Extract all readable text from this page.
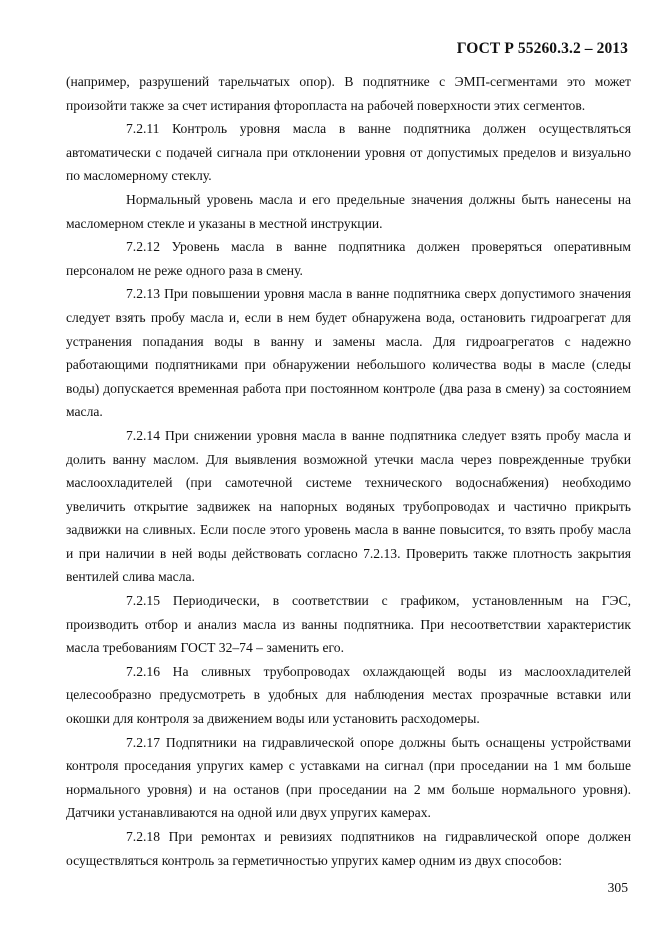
ГОСТ Р 55260.3.2 – 2013

(например, разрушений тарельчатых опор). В подпятнике с ЭМП-сегментами это может произойти также за счет истирания фторопласта на рабочей поверхности этих сегментов.

7.2.11 Контроль уровня масла в ванне подпятника должен осуществляться автоматически с подачей сигнала при отклонении уровня от допустимых пределов и визуально по масломерному стеклу.

Нормальный уровень масла и его предельные значения должны быть нанесены на масломерном стекле и указаны в местной инструкции.

7.2.12 Уровень масла в ванне подпятника должен проверяться оперативным персоналом не реже одного раза в смену.

7.2.13 При повышении уровня масла в ванне подпятника сверх допустимого значения следует взять пробу масла и, если в нем будет обнаружена вода, остановить гидроагрегат для устранения попадания воды в ванну и замены масла. Для гидроагрегатов с надежно работающими подпятниками при обнаружении небольшого количества воды в масле (следы воды) допускается временная работа при постоянном контроле (два раза в смену) за состоянием масла.

7.2.14 При снижении уровня масла в ванне подпятника следует взять пробу масла и долить ванну маслом. Для выявления возможной утечки масла через поврежденные трубки маслоохладителей (при самотечной системе технического водоснабжения) необходимо увеличить открытие задвижек на напорных водяных трубопроводах и частично прикрыть задвижки на сливных. Если после этого уровень масла в ванне повысится, то взять пробу масла и при наличии в ней воды действовать согласно 7.2.13. Проверить также плотность закрытия вентилей слива масла.

7.2.15 Периодически, в соответствии с графиком, установленным на ГЭС, производить отбор и анализ масла из ванны подпятника. При несоответствии характеристик масла требованиям ГОСТ 32–74 – заменить его.

7.2.16 На сливных трубопроводах охлаждающей воды из маслоохладителей целесообразно предусмотреть в удобных для наблюдения местах прозрачные вставки или окошки для контроля за движением воды или установить расходомеры.

7.2.17 Подпятники на гидравлической опоре должны быть оснащены устройствами контроля проседания упругих камер с уставками на сигнал (при проседании на 1 мм больше нормального уровня) и на останов (при проседании на 2 мм больше нормального уровня). Датчики устанавливаются на одной или двух упругих камерах.

7.2.18 При ремонтах и ревизиях подпятников на гидравлической опоре должен осуществляться контроль за герметичностью упругих камер одним из двух способов:

305
